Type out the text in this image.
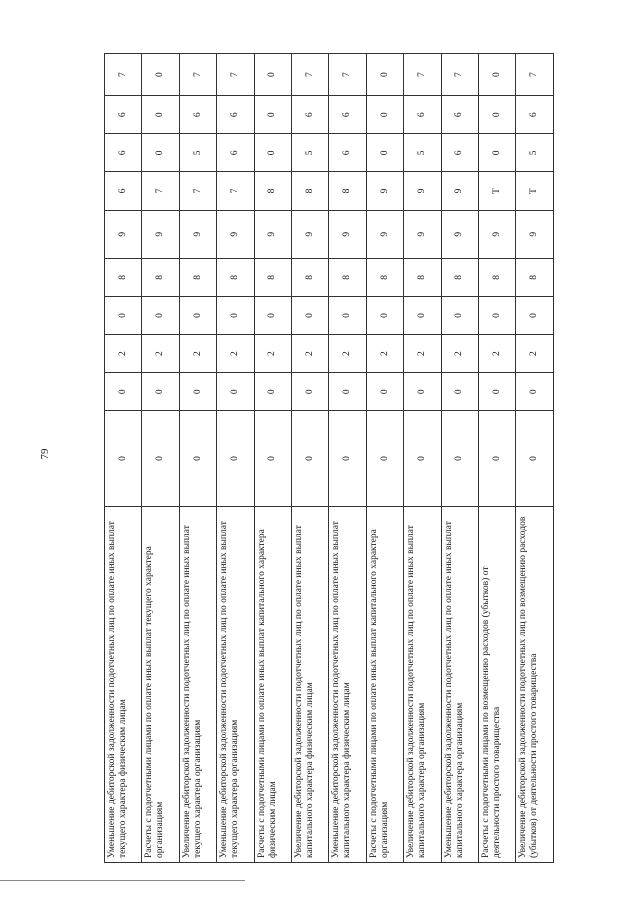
79
Уменьшение дебиторской задолженности подотчетных лиц по оплате иных выплат текущего характера физическим лицам	0	0	2	0	8	9	6	6	6	7
Расчеты с подотчетными лицами по оплате иных выплат текущего характера организациям	0	0	2	0	8	9	7	0	0	0
Увеличение дебиторской задолженности подотчетных лиц по оплате иных выплат текущего характера организациям	0	0	2	0	8	9	7	5	6	7
Уменьшение дебиторской задолженности подотчетных лиц по оплате иных выплат текущего характера организациям	0	0	2	0	8	9	7	6	6	7
Расчеты с подотчетными лицами по оплате иных выплат капитального характера физическим лицам	0	0	2	0	8	9	8	0	0	0
Увеличение дебиторской задолженности подотчетных лиц по оплате иных выплат капитального характера физическим лицам	0	0	2	0	8	9	8	5	6	7
Уменьшение дебиторской задолженности подотчетных лиц по оплате иных выплат капитального характера физическим лицам	0	0	2	0	8	9	8	6	6	7
Расчеты с подотчетными лицами по оплате иных выплат капитального характера организациям	0	0	2	0	8	9	9	0	0	0
Увеличение дебиторской задолженности подотчетных лиц по оплате иных выплат капитального характера организациям	0	0	2	0	8	9	9	5	6	7
Уменьшение дебиторской задолженности подотчетных лиц по оплате иных выплат капитального характера организациям	0	0	2	0	8	9	9	6	6	7
Расчеты с подотчетными лицами по возмещению расходов (убытков) от деятельности простого товарищества	0	0	2	0	8	9	Т	0	0	0
Увеличение дебиторской задолженности подотчетных лиц по возмещению расходов (убытков) от деятельности простого товарищества	0	0	2	0	8	9	Т	5	6	7
